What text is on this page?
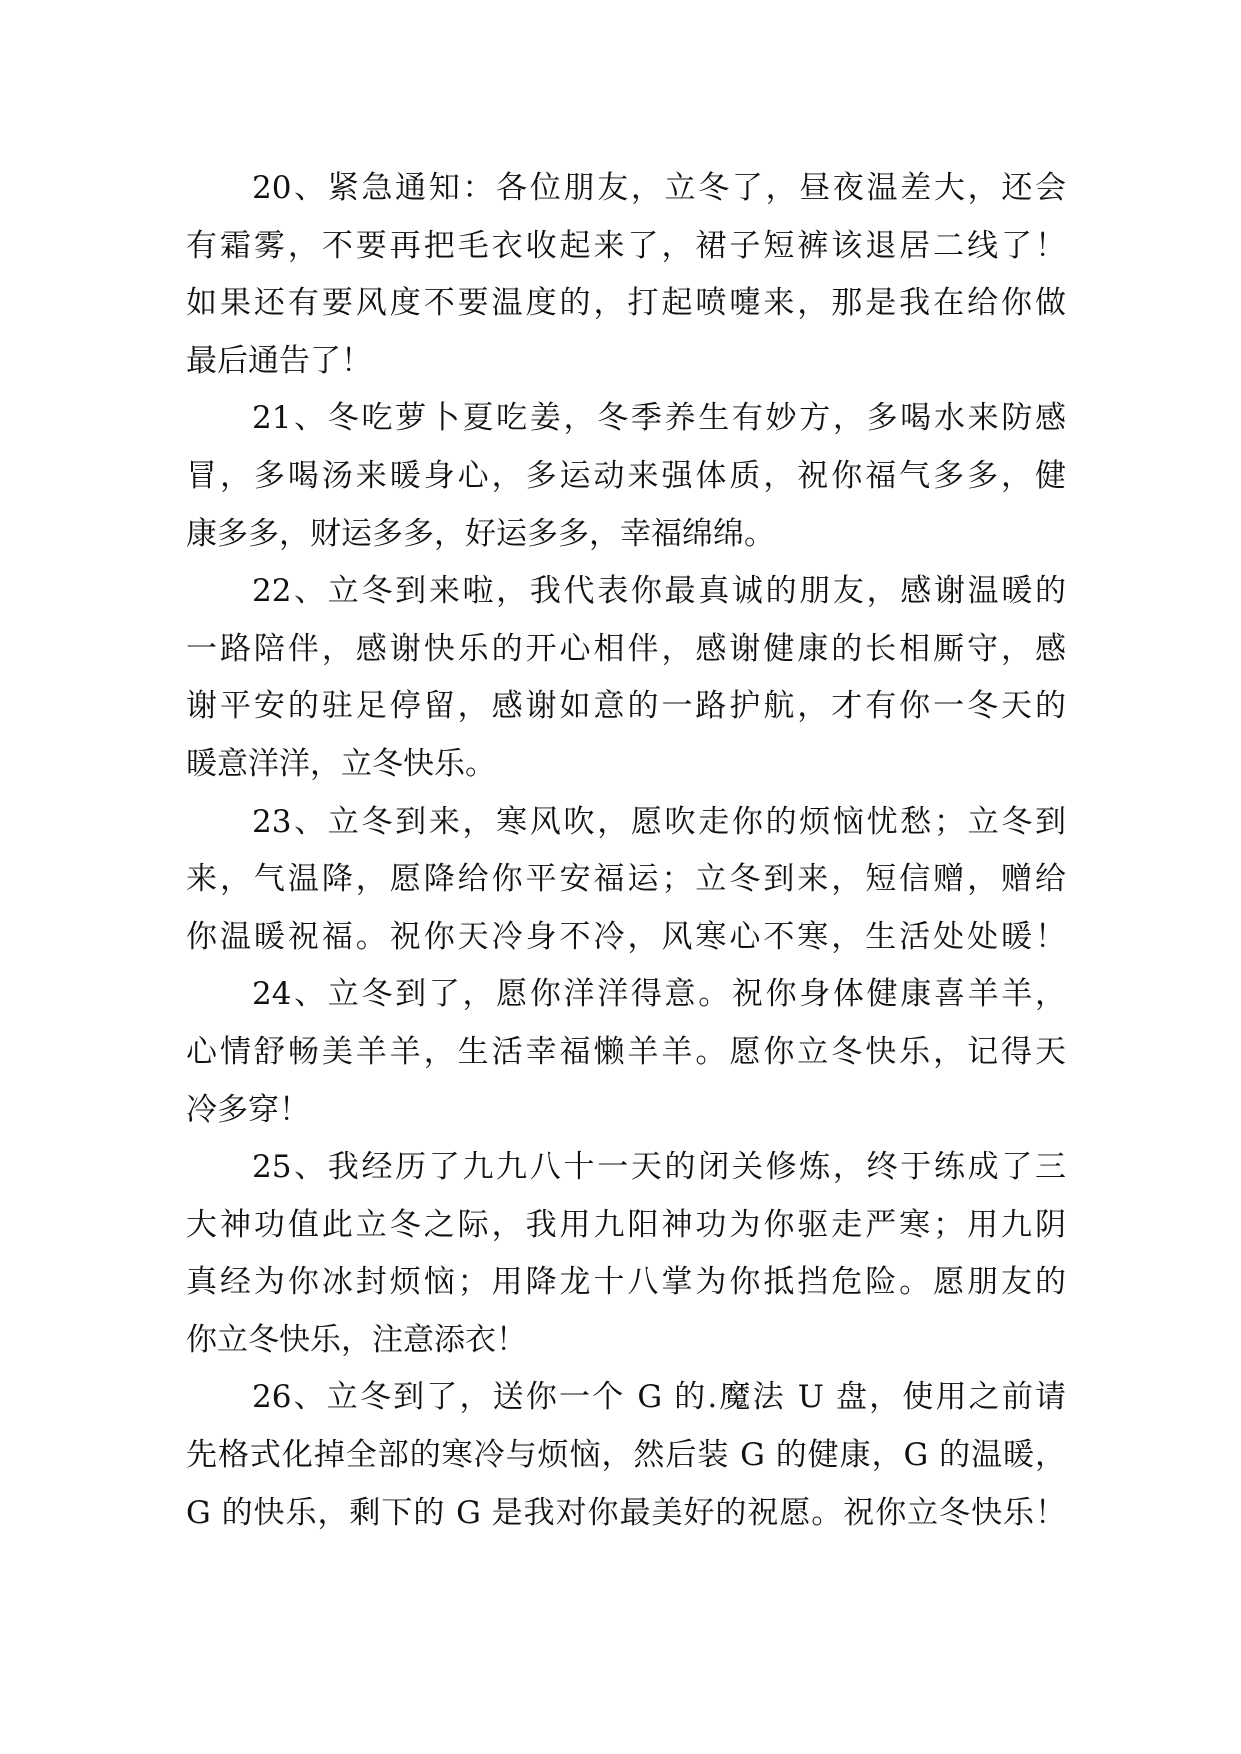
20、紧急通知：各位朋友，立冬了，昼夜温差大，还会
有霜雾，不要再把毛衣收起来了，裙子短裤该退居二线了！
如果还有要风度不要温度的，打起喷嚏来，那是我在给你做
最后通告了！
21、冬吃萝卜夏吃姜，冬季养生有妙方，多喝水来防感
冒，多喝汤来暖身心，多运动来强体质，祝你福气多多，健
康多多，财运多多，好运多多，幸福绵绵。
22、立冬到来啦，我代表你最真诚的朋友，感谢温暖的
一路陪伴，感谢快乐的开心相伴，感谢健康的长相厮守，感
谢平安的驻足停留，感谢如意的一路护航，才有你一冬天的
暖意洋洋，立冬快乐。
23、立冬到来，寒风吹，愿吹走你的烦恼忧愁；立冬到
来，气温降，愿降给你平安福运；立冬到来，短信赠，赠给
你温暖祝福。祝你天冷身不冷，风寒心不寒，生活处处暖！
24、立冬到了，愿你洋洋得意。祝你身体健康喜羊羊，
心情舒畅美羊羊，生活幸福懒羊羊。愿你立冬快乐，记得天
冷多穿！
25、我经历了九九八十一天的闭关修炼，终于练成了三
大神功值此立冬之际，我用九阳神功为你驱走严寒；用九阴
真经为你冰封烦恼；用降龙十八掌为你抵挡危险。愿朋友的
你立冬快乐，注意添衣！
26、立冬到了，送你一个 G 的.魔法 U 盘，使用之前请
先格式化掉全部的寒冷与烦恼，然后装 G 的健康，G 的温暖，
G 的快乐，剩下的 G 是我对你最美好的祝愿。祝你立冬快乐！
